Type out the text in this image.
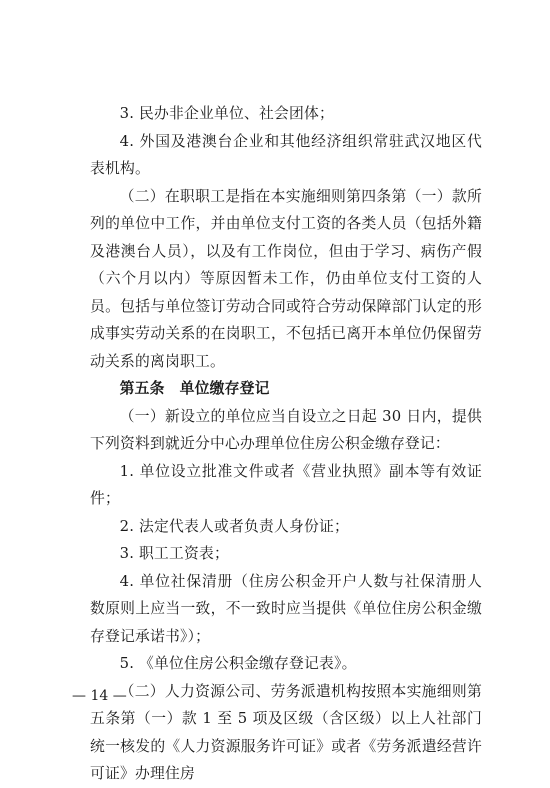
3. 民办非企业单位、社会团体；

4. 外国及港澳台企业和其他经济组织常驻武汉地区代表机构。

（二）在职职工是指在本实施细则第四条第（一）款所列的单位中工作，并由单位支付工资的各类人员（包括外籍及港澳台人员），以及有工作岗位，但由于学习、病伤产假（六个月以内）等原因暂未工作，仍由单位支付工资的人员。包括与单位签订劳动合同或符合劳动保障部门认定的形成事实劳动关系的在岗职工，不包括已离开本单位仍保留劳动关系的离岗职工。

第五条　单位缴存登记

（一）新设立的单位应当自设立之日起 30 日内，提供下列资料到就近分中心办理单位住房公积金缴存登记：

1. 单位设立批准文件或者《营业执照》副本等有效证件；

2. 法定代表人或者负责人身份证；

3. 职工工资表；

4. 单位社保清册（住房公积金开户人数与社保清册人数原则上应当一致，不一致时应当提供《单位住房公积金缴存登记承诺书》）；

5. 《单位住房公积金缴存登记表》。

（二）人力资源公司、劳务派遣机构按照本实施细则第五条第（一）款 1 至 5 项及区级（含区级）以上人社部门统一核发的《人力资源服务许可证》或者《劳务派遣经营许可证》办理住房

— 14 —
